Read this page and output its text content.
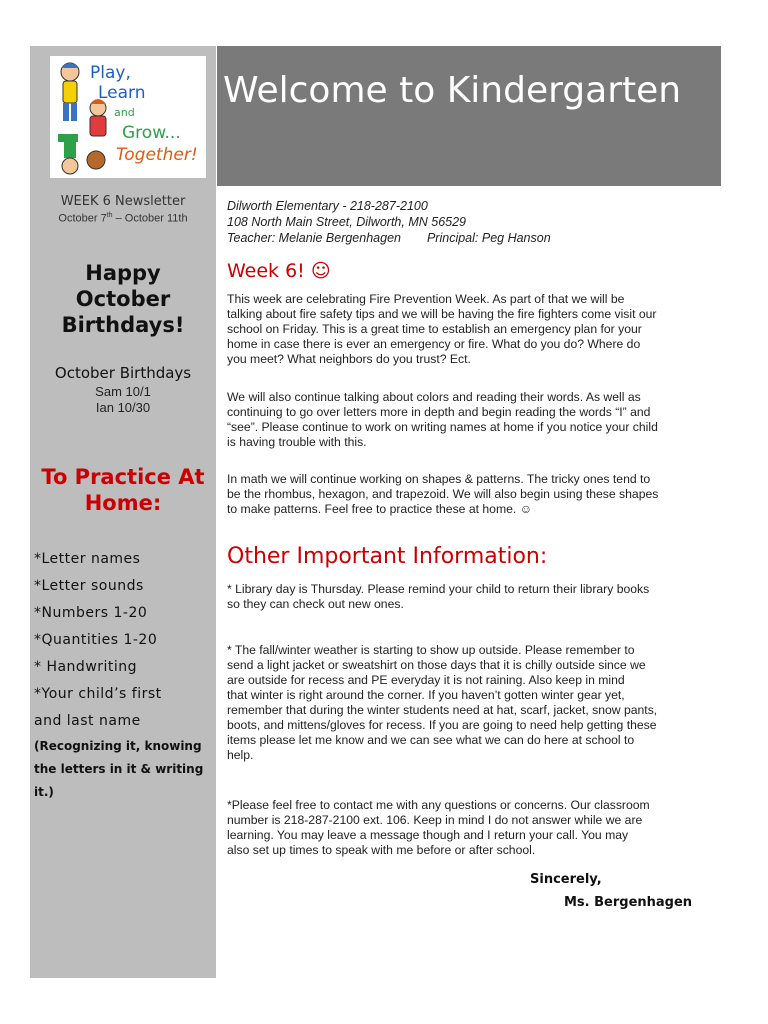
Play,
Learn
and
Grow...
Together!
WEEK 6 Newsletter
October 7th – October 11th
Happy
October
Birthdays!
October Birthdays
Sam 10/1
Ian 10/30
To Practice At
Home:
*Letter names
*Letter sounds
*Numbers 1-20
*Quantities 1-20
* Handwriting
*Your child’s first
and last name
(Recognizing it, knowing
the letters in it & writing
it.)
Welcome to Kindergarten
Dilworth Elementary - 218-287-2100
108 North Main Street, Dilworth, MN 56529
Teacher: Melanie Bergenhagen Principal: Peg Hanson
Week 6! ☺
This week are celebrating Fire Prevention Week. As part of that we will be
talking about fire safety tips and we will be having the fire fighters come visit our
school on Friday. This is a great time to establish an emergency plan for your
home in case there is ever an emergency or fire. What do you do? Where do
you meet? What neighbors do you trust? Ect.
We will also continue talking about colors and reading their words. As well as
continuing to go over letters more in depth and begin reading the words “I” and
“see”. Please continue to work on writing names at home if you notice your child
is having trouble with this.
In math we will continue working on shapes & patterns. The tricky ones tend to
be the rhombus, hexagon, and trapezoid. We will also begin using these shapes
to make patterns. Feel free to practice these at home. ☺
Other Important Information:
* Library day is Thursday. Please remind your child to return their library books
so they can check out new ones.
* The fall/winter weather is starting to show up outside. Please remember to
send a light jacket or sweatshirt on those days that it is chilly outside since we
are outside for recess and PE everyday it is not raining. Also keep in mind
that winter is right around the corner. If you haven’t gotten winter gear yet,
remember that during the winter students need at hat, scarf, jacket, snow pants,
boots, and mittens/gloves for recess. If you are going to need help getting these
items please let me know and we can see what we can do here at school to
help.
*Please feel free to contact me with any questions or concerns. Our classroom
number is 218-287-2100 ext. 106. Keep in mind I do not answer while we are
learning. You may leave a message though and I return your call. You may
also set up times to speak with me before or after school.
Sincerely,
Ms. Bergenhagen
